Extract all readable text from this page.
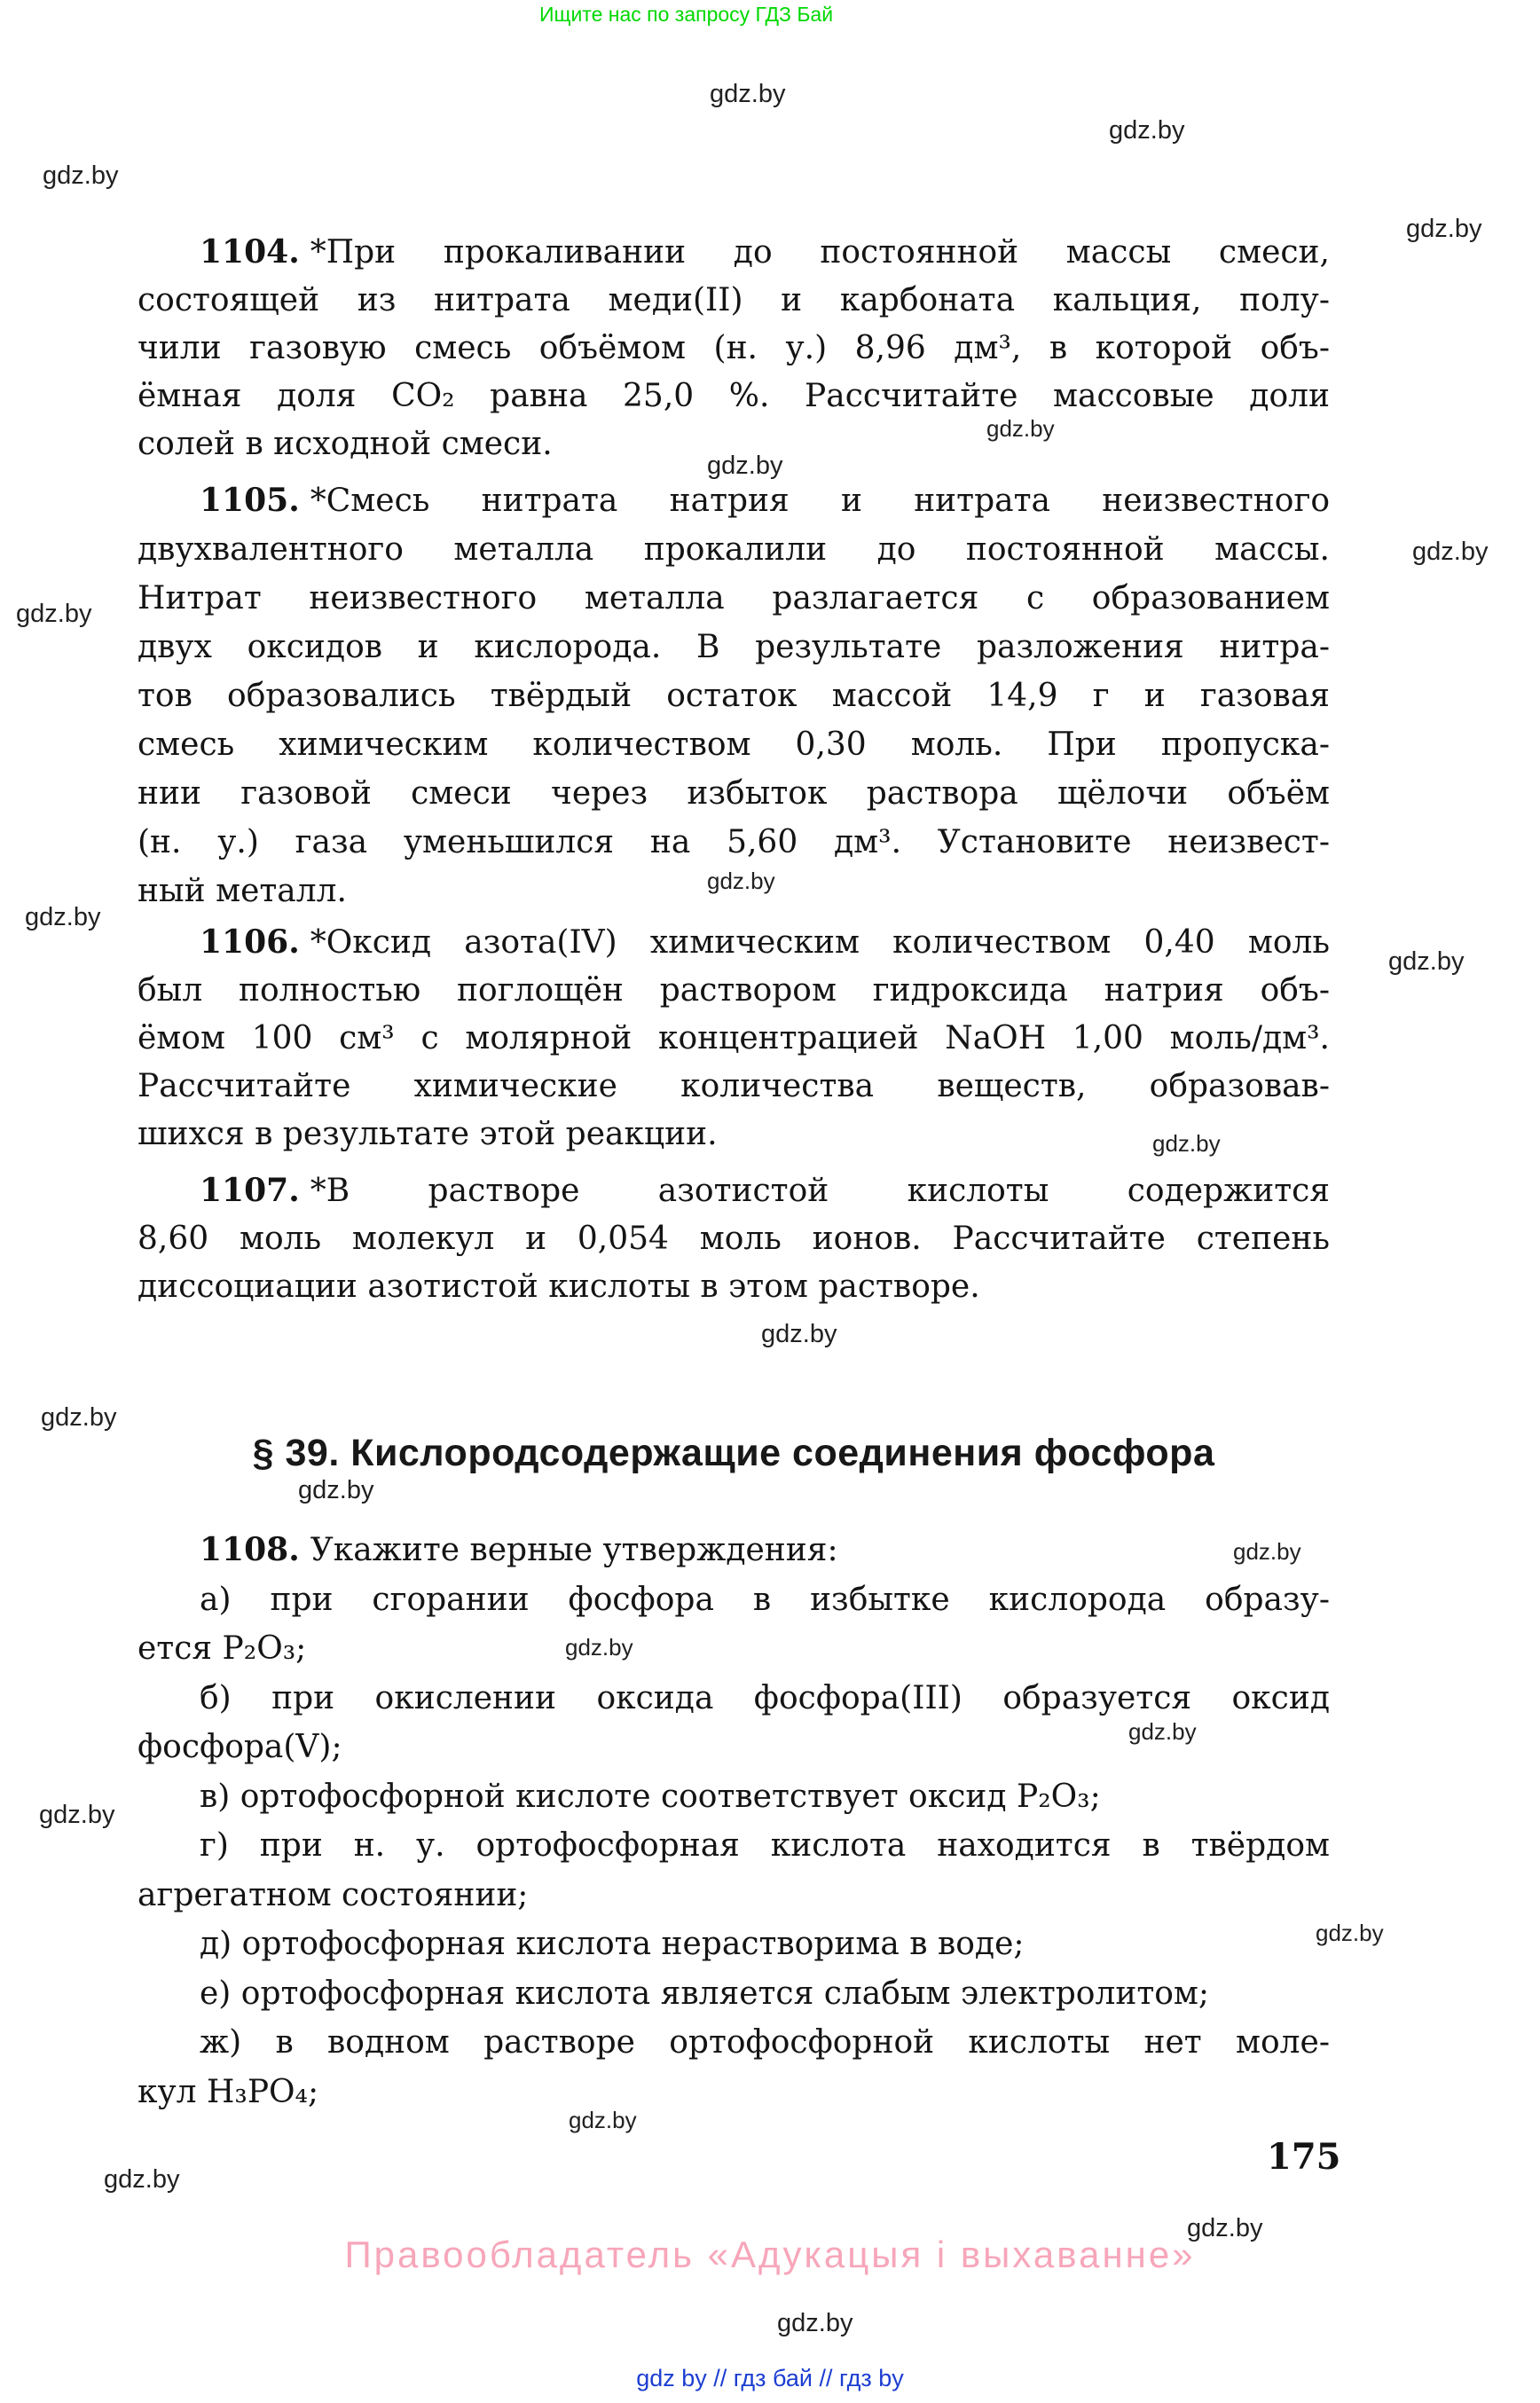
Ищите нас по запросу ГДЗ Бай
gdz.by
gdz.by
gdz.by
gdz.by
gdz.by
gdz.by
gdz.by
gdz.by
gdz.by
gdz.by
gdz.by
gdz.by
gdz.by
gdz.by
gdz.by
gdz.by
gdz.by
gdz.by
gdz.by
gdz.by
gdz.by
gdz.by
gdz.by
gdz.by
1104. *При прокаливании до постоянной массы смеси,
состоящей из нитрата меди(II) и карбоната кальция, полу-
чили газовую смесь объёмом (н. у.) 8,96 дм³, в которой объ-
ёмная доля CO₂ равна 25,0 %. Рассчитайте массовые доли
солей в исходной смеси.
1105. *Смесь нитрата натрия и нитрата неизвестного
двухвалентного металла прокалили до постоянной массы.
Нитрат неизвестного металла разлагается с образованием
двух оксидов и кислорода. В результате разложения нитра-
тов образовались твёрдый остаток массой 14,9 г и газовая
смесь химическим количеством 0,30 моль. При пропуска-
нии газовой смеси через избыток раствора щёлочи объём
(н. у.) газа уменьшился на 5,60 дм³. Установите неизвест-
ный металл.
1106. *Оксид азота(IV) химическим количеством 0,40 моль
был полностью поглощён раствором гидроксида натрия объ-
ёмом 100 см³ с молярной концентрацией NaOH 1,00 моль/дм³.
Рассчитайте химические количества веществ, образовав-
шихся в результате этой реакции.
1107. *В растворе азотистой кислоты содержится
8,60 моль молекул и 0,054 моль ионов. Рассчитайте степень
диссоциации азотистой кислоты в этом растворе.
§ 39. Кислородсодержащие соединения фосфора
1108. Укажите верные утверждения:
а) при сгорании фосфора в избытке кислорода образу-
ется P₂O₃;
б) при окислении оксида фосфора(III) образуется оксид
фосфора(V);
в) ортофосфорной кислоте соответствует оксид P₂O₃;
г) при н. у. ортофосфорная кислота находится в твёрдом
агрегатном состоянии;
д) ортофосфорная кислота нерастворима в воде;
е) ортофосфорная кислота является слабым электролитом;
ж) в водном растворе ортофосфорной кислоты нет моле-
кул H₃PO₄;
175
Правообладатель «Адукацыя і выхаванне»
gdz by // гдз бай // гдз by
